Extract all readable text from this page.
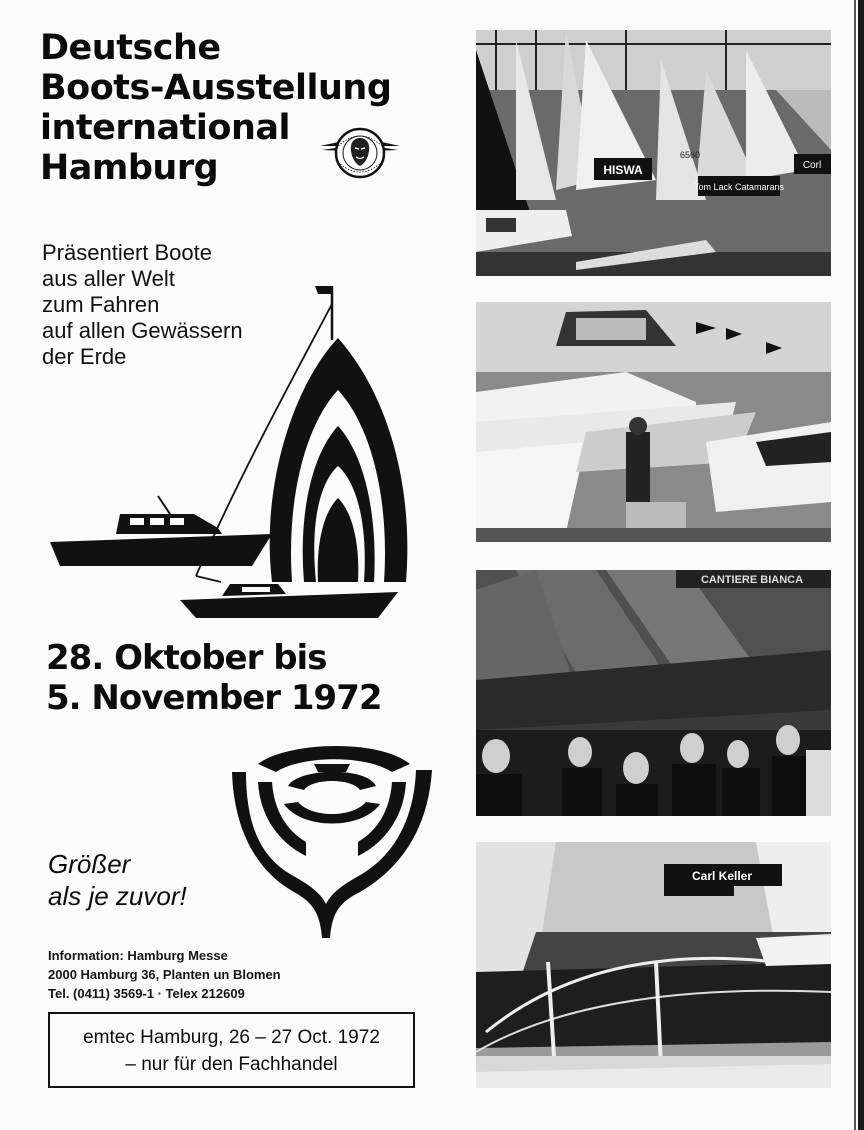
Deutsche
Boots-Ausstellung
international
Hamburg
Präsentiert Boote
aus aller Welt
zum Fahren
auf allen Gewässern
der Erde
28. Oktober bis
5. November 1972
Größer
als je zuvor!
Information: Hamburg Messe
2000 Hamburg 36, Planten un Blomen
Tel. (0411) 3569-1 · Telex 212609
emtec Hamburg, 26 – 27 Oct. 1972
– nur für den Fachhandel
HISWA
Tom Lack Catamarans
Corl
6560
CANTIERE BIANCA
Carl Keller
A.H.
